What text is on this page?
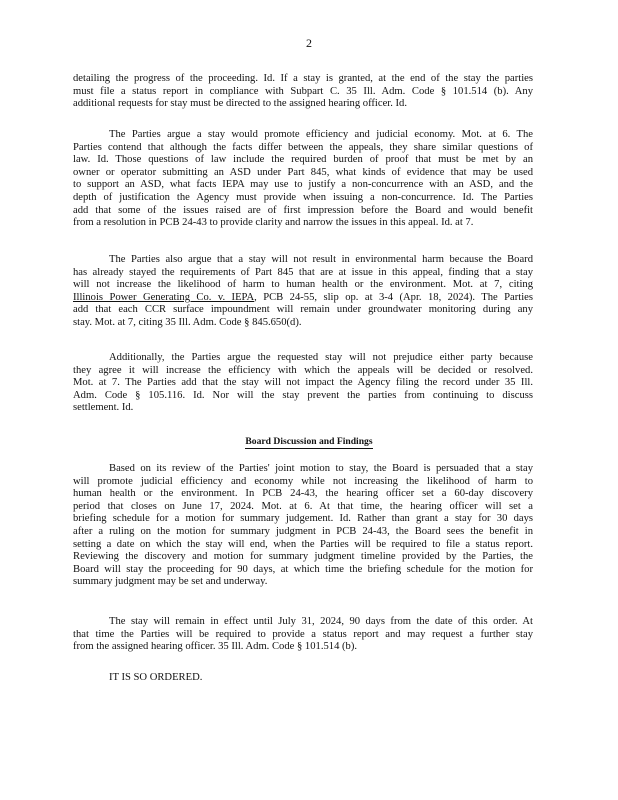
2
detailing the progress of the proceeding. Id. If a stay is granted, at the end of the stay the parties
must file a status report in compliance with Subpart C. 35 Ill. Adm. Code § 101.514 (b). Any
additional requests for stay must be directed to the assigned hearing officer. Id.
The Parties argue a stay would promote efficiency and judicial economy. Mot. at 6. The
Parties contend that although the facts differ between the appeals, they share similar questions of
law. Id. Those questions of law include the required burden of proof that must be met by an
owner or operator submitting an ASD under Part 845, what kinds of evidence that may be used
to support an ASD, what facts IEPA may use to justify a non-concurrence with an ASD, and the
depth of justification the Agency must provide when issuing a non-concurrence. Id. The Parties
add that some of the issues raised are of first impression before the Board and would benefit
from a resolution in PCB 24-43 to provide clarity and narrow the issues in this appeal. Id. at 7.
The Parties also argue that a stay will not result in environmental harm because the Board
has already stayed the requirements of Part 845 that are at issue in this appeal, finding that a stay
will not increase the likelihood of harm to human health or the environment. Mot. at 7, citing
Illinois Power Generating Co. v. IEPA, PCB 24-55, slip op. at 3-4 (Apr. 18, 2024). The Parties
add that each CCR surface impoundment will remain under groundwater monitoring during any
stay. Mot. at 7, citing 35 Ill. Adm. Code § 845.650(d).
Additionally, the Parties argue the requested stay will not prejudice either party because
they agree it will increase the efficiency with which the appeals will be decided or resolved.
Mot. at 7. The Parties add that the stay will not impact the Agency filing the record under 35 Ill.
Adm. Code § 105.116. Id. Nor will the stay prevent the parties from continuing to discuss
settlement. Id.
Board Discussion and Findings
Based on its review of the Parties' joint motion to stay, the Board is persuaded that a stay
will promote judicial efficiency and economy while not increasing the likelihood of harm to
human health or the environment. In PCB 24-43, the hearing officer set a 60-day discovery
period that closes on June 17, 2024. Mot. at 6. At that time, the hearing officer will set a
briefing schedule for a motion for summary judgement. Id. Rather than grant a stay for 30 days
after a ruling on the motion for summary judgment in PCB 24-43, the Board sees the benefit in
setting a date on which the stay will end, when the Parties will be required to file a status report.
Reviewing the discovery and motion for summary judgment timeline provided by the Parties, the
Board will stay the proceeding for 90 days, at which time the briefing schedule for the motion for
summary judgment may be set and underway.
The stay will remain in effect until July 31, 2024, 90 days from the date of this order. At
that time the Parties will be required to provide a status report and may request a further stay
from the assigned hearing officer. 35 Ill. Adm. Code § 101.514 (b).
IT IS SO ORDERED.
